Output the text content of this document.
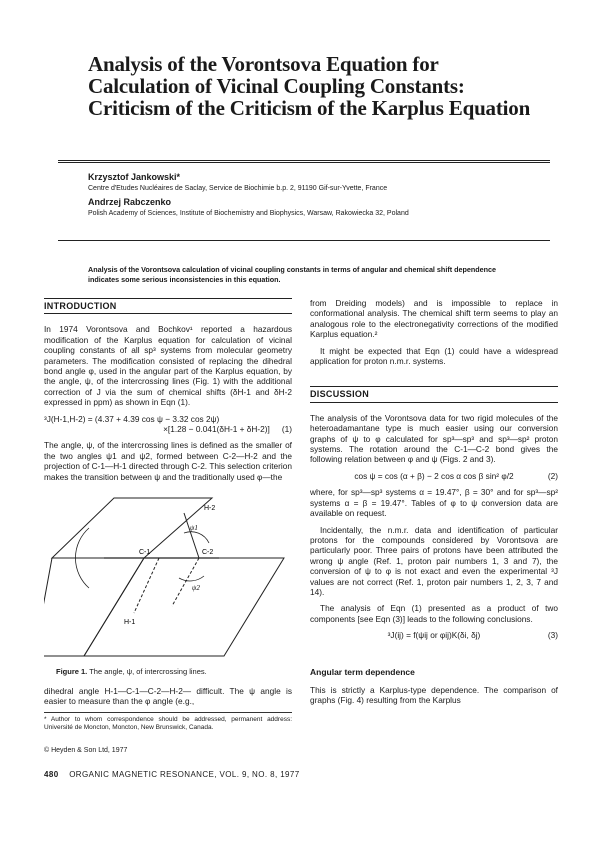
Analysis of the Vorontsova Equation for Calculation of Vicinal Coupling Constants: Criticism of the Criticism of the Karplus Equation
Krzysztof Jankowski*
Centre d'Etudes Nucléaires de Saclay, Service de Biochimie b.p. 2, 91190 Gif-sur-Yvette, France
Andrzej Rabczenko
Polish Academy of Sciences, Institute of Biochemistry and Biophysics, Warsaw, Rakowiecka 32, Poland
Analysis of the Vorontsova calculation of vicinal coupling constants in terms of angular and chemical shift dependence indicates some serious inconsistencies in this equation.
INTRODUCTION

In 1974 Vorontsova and Bochkov¹ reported a hazardous modification of the Karplus equation for calculation of vicinal coupling constants of all sp³ systems from molecular geometry parameters. The modification consisted of replacing the dihedral bond angle φ, used in the angular part of the Karplus equation, by the angle, ψ, of the intercrossing lines (Fig. 1) with the additional correction of J via the sum of chemical shifts (δH-1 and δH-2 expressed in ppm) as shown in Eqn (1).

³J(H-1,H-2) = (4.37 + 4.39 cos ψ − 3.32 cos 2ψ)
×[1.28 − 0.041(δH-1 + δH-2)] (1)

The angle, ψ, of the intercrossing lines is defined as the smaller of the two angles ψ1 and ψ2, formed between C-2—H-2 and the projection of C-1—H-1 directed through C-2. This selection criterion makes the transition between ψ and the traditionally used φ—the

C-1	C-2
H-1
H-2
ψ1
ψ2
Figure 1. The angle, ψ, of intercrossing lines.

dihedral angle H-1—C-1—C-2—H-2— difficult. The ψ angle is easier to measure than the φ angle (e.g.,

* Author to whom correspondence should be addressed, permanent address: Université de Moncton, Moncton, New Brunswick, Canada.
© Heyden & Son Ltd, 1977

from Dreiding models) and is impossible to replace in conformational analysis. The chemical shift term seems to play an analogous role to the electronegativity corrections of the modified Karplus equation.²

It might be expected that Eqn (1) could have a widespread application for proton n.m.r. systems.

DISCUSSION

The analysis of the Vorontsova data for two rigid molecules of the heteroadamantane type is much easier using our conversion graphs of ψ to φ calculated for sp³—sp³ and sp³—sp² proton systems. The rotation around the C-1—C-2 bond gives the following relation between φ and ψ (Figs. 2 and 3).

cos ψ = cos (α + β) − 2 cos α cos β sin² φ/2	(2)

where, for sp³—sp³ systems α = 19.47°, β = 30° and for sp³—sp² systems α = β = 19.47°. Tables of φ to ψ conversion data are available on request.

Incidentally, the n.m.r. data and identification of particular protons for the compounds considered by Vorontsova are particularly poor. Three pairs of protons have been attributed the wrong ψ angle (Ref. 1, proton pair numbers 1, 3 and 7), the conversion of ψ to φ is not exact and even the experimental ³J values are not correct (Ref. 1, proton pair numbers 1, 2, 3, 7 and 14).

The analysis of Eqn (1) presented as a product of two components [see Eqn (3)] leads to the following conclusions.

³J(ij) = f(ψij or φij)K(δi, δj)	(3)
Angular term dependence

This is strictly a Karplus-type dependence. The comparison of graphs (Fig. 4) resulting from the Karplus

480 ORGANIC MAGNETIC RESONANCE, VOL. 9, NO. 8, 1977
